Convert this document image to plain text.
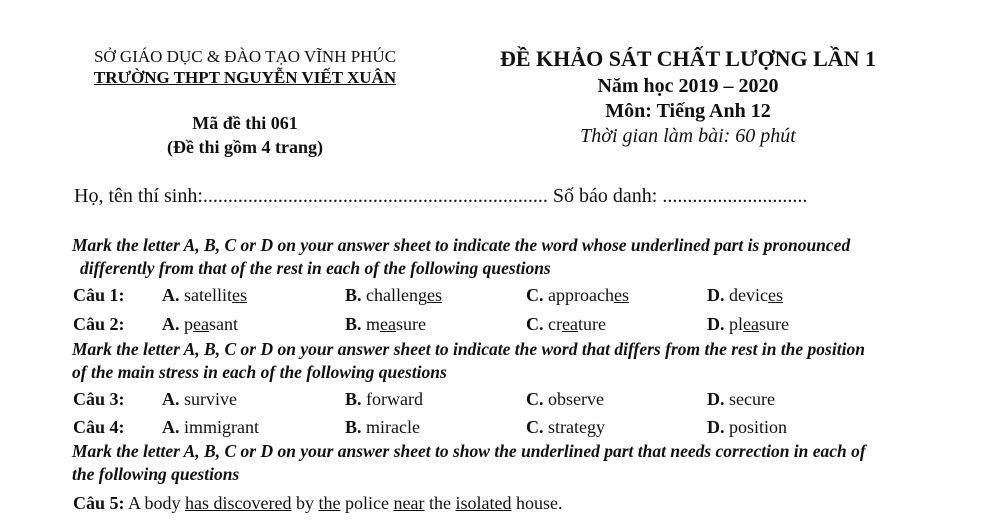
SỞ GIÁO DỤC & ĐÀO TẠO VĨNH PHÚC
TRƯỜNG THPT NGUYỄN VIẾT XUÂN
Mã đề thi 061
(Đề thi gồm 4 trang)
ĐỀ KHẢO SÁT CHẤT LƯỢNG LẦN 1
Năm học 2019 – 2020
Môn: Tiếng Anh 12
Thời gian làm bài: 60 phút
Họ, tên thí sinh:..................................................................... Số báo danh: .............................
Mark the letter A, B, C or D on your answer sheet to indicate the word whose underlined part is pronounced
differently from that of the rest in each of the following questions
Câu 1: A. satellites	B. challenges	C. approaches	D. devices
Câu 2: A. peasant	B. measure	C. creature	D. pleasure
Mark the letter A, B, C or D on your answer sheet to indicate the word that differs from the rest in the position
of the main stress in each of the following questions
Câu 3: A. survive	B. forward	C. observe	D. secure
Câu 4: A. immigrant	B. miracle	C. strategy	D. position
Mark the letter A, B, C or D on your answer sheet to show the underlined part that needs correction in each of
the following questions
Câu 5: A body has discovered by the police near the isolated house.
